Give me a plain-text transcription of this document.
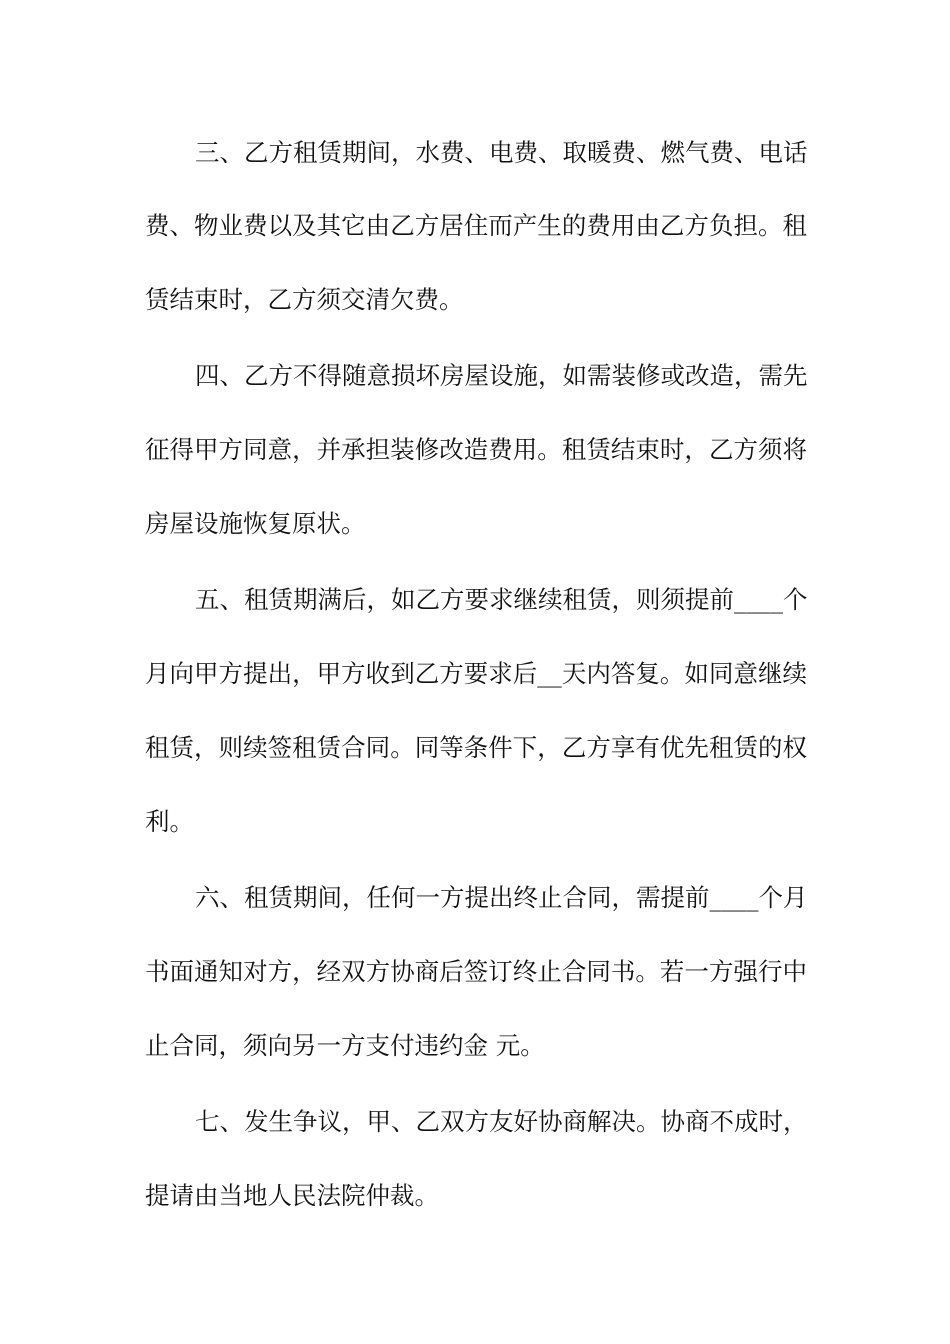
三、乙方租赁期间，水费、电费、取暖费、燃气费、电话
费、物业费以及其它由乙方居住而产生的费用由乙方负担。租
赁结束时，乙方须交清欠费。
四、乙方不得随意损坏房屋设施，如需装修或改造，需先
征得甲方同意，并承担装修改造费用。租赁结束时，乙方须将
房屋设施恢复原状。
五、租赁期满后，如乙方要求继续租赁，则须提前____个
月向甲方提出，甲方收到乙方要求后__天内答复。如同意继续
租赁，则续签租赁合同。同等条件下，乙方享有优先租赁的权
利。
六、租赁期间，任何一方提出终止合同，需提前____个月
书面通知对方，经双方协商后签订终止合同书。若一方强行中
止合同，须向另一方支付违约金 元。
七、发生争议，甲、乙双方友好协商解决。协商不成时，
提请由当地人民法院仲裁。
